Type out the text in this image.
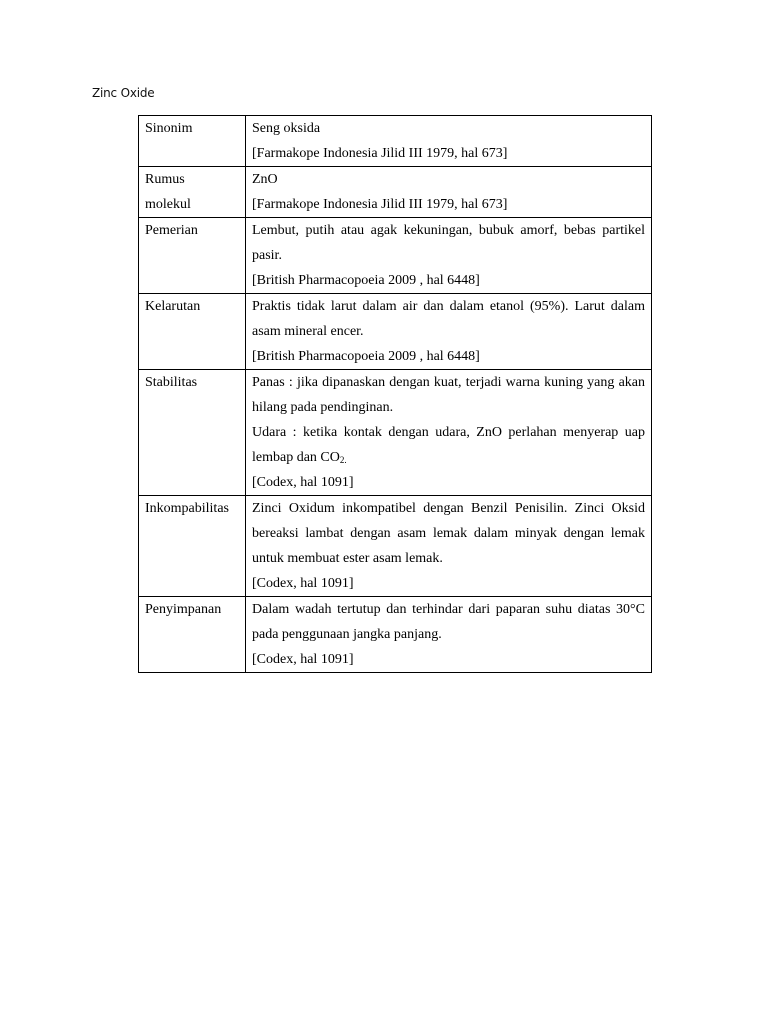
Zinc Oxide
Sinonim	Seng oksida
[Farmakope Indonesia Jilid III 1979, hal 673]

Rumus
molekul	ZnO
[Farmakope Indonesia Jilid III 1979, hal 673]

Pemerian	Lembut, putih atau agak kekuningan, bubuk amorf, bebas partikel pasir.
[British Pharmacopoeia 2009 , hal 6448]

Kelarutan	Praktis tidak larut dalam air dan dalam etanol (95%). Larut dalam asam mineral encer.
[British Pharmacopoeia 2009 , hal 6448]

Stabilitas	Panas : jika dipanaskan dengan kuat, terjadi warna kuning yang akan hilang pada pendinginan.
Udara : ketika kontak dengan udara, ZnO perlahan menyerap uap lembap dan $CO_{2.}$
[Codex, hal 1091]

Inkompabilitas	Zinci Oxidum inkompatibel dengan Benzil Penisilin. Zinci Oksid bereaksi lambat dengan asam lemak dalam minyak dengan lemak untuk membuat ester asam lemak.
[Codex, hal 1091]

Penyimpanan	Dalam wadah tertutup dan terhindar dari paparan suhu diatas 30°C pada penggunaan jangka panjang.
[Codex, hal 1091]
